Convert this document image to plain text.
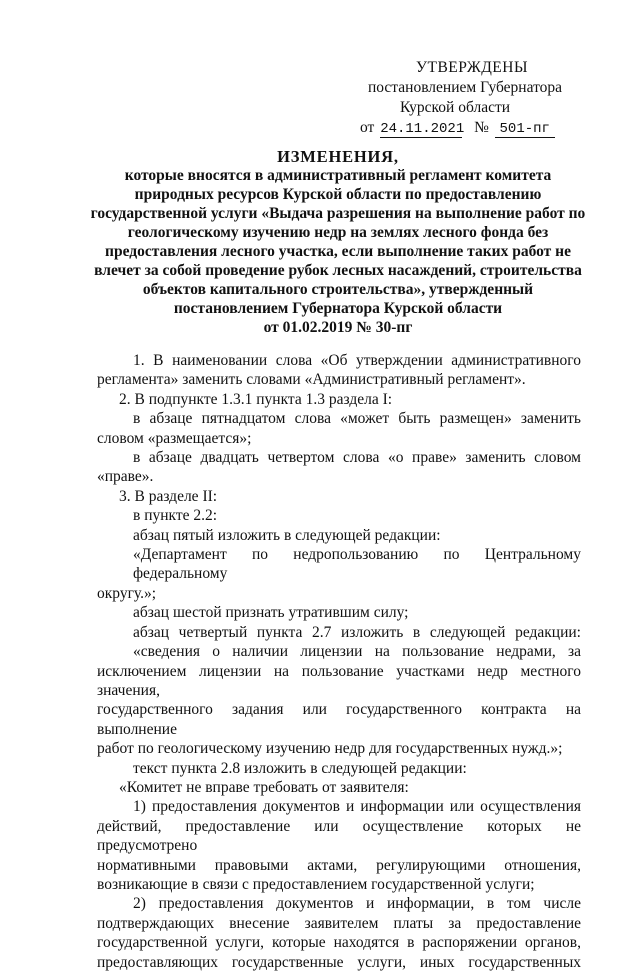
УТВЕРЖДЕНЫ
постановлением Губернатора
Курской области
от 24.11.2021 № 501-пг
ИЗМЕНЕНИЯ,
которые вносятся в административный регламент комитета
природных ресурсов Курской области по предоставлению
государственной услуги «Выдача разрешения на выполнение работ по
геологическому изучению недр на землях лесного фонда без
предоставления лесного участка, если выполнение таких работ не
влечет за собой проведение рубок лесных насаждений, строительства
объектов капитального строительства», утвержденный
постановлением Губернатора Курской области
от 01.02.2019 № 30-пг
1. В наименовании слова «Об утверждении административного
регламента» заменить словами «Административный регламент».
2. В подпункте 1.3.1 пункта 1.3 раздела I:
в абзаце пятнадцатом слова «может быть размещен» заменить
словом «размещается»;
в абзаце двадцать четвертом слова «о праве» заменить словом
«праве».
3. В разделе II:
в пункте 2.2:
абзац пятый изложить в следующей редакции:
«Департамент по недропользованию по Центральному федеральному
округу.»;
абзац шестой признать утратившим силу;
абзац четвертый пункта 2.7 изложить в следующей редакции:
«сведения о наличии лицензии на пользование недрами, за
исключением лицензии на пользование участками недр местного значения,
государственного задания или государственного контракта на выполнение
работ по геологическому изучению недр для государственных нужд.»;
текст пункта 2.8 изложить в следующей редакции:
«Комитет не вправе требовать от заявителя:
1) предоставления документов и информации или осуществления
действий, предоставление или осуществление которых не предусмотрено
нормативными правовыми актами, регулирующими отношения,
возникающие в связи с предоставлением государственной услуги;
2) предоставления документов и информации, в том числе
подтверждающих внесение заявителем платы за предоставление
государственной услуги, которые находятся в распоряжении органов,
предоставляющих государственные услуги, иных государственных
